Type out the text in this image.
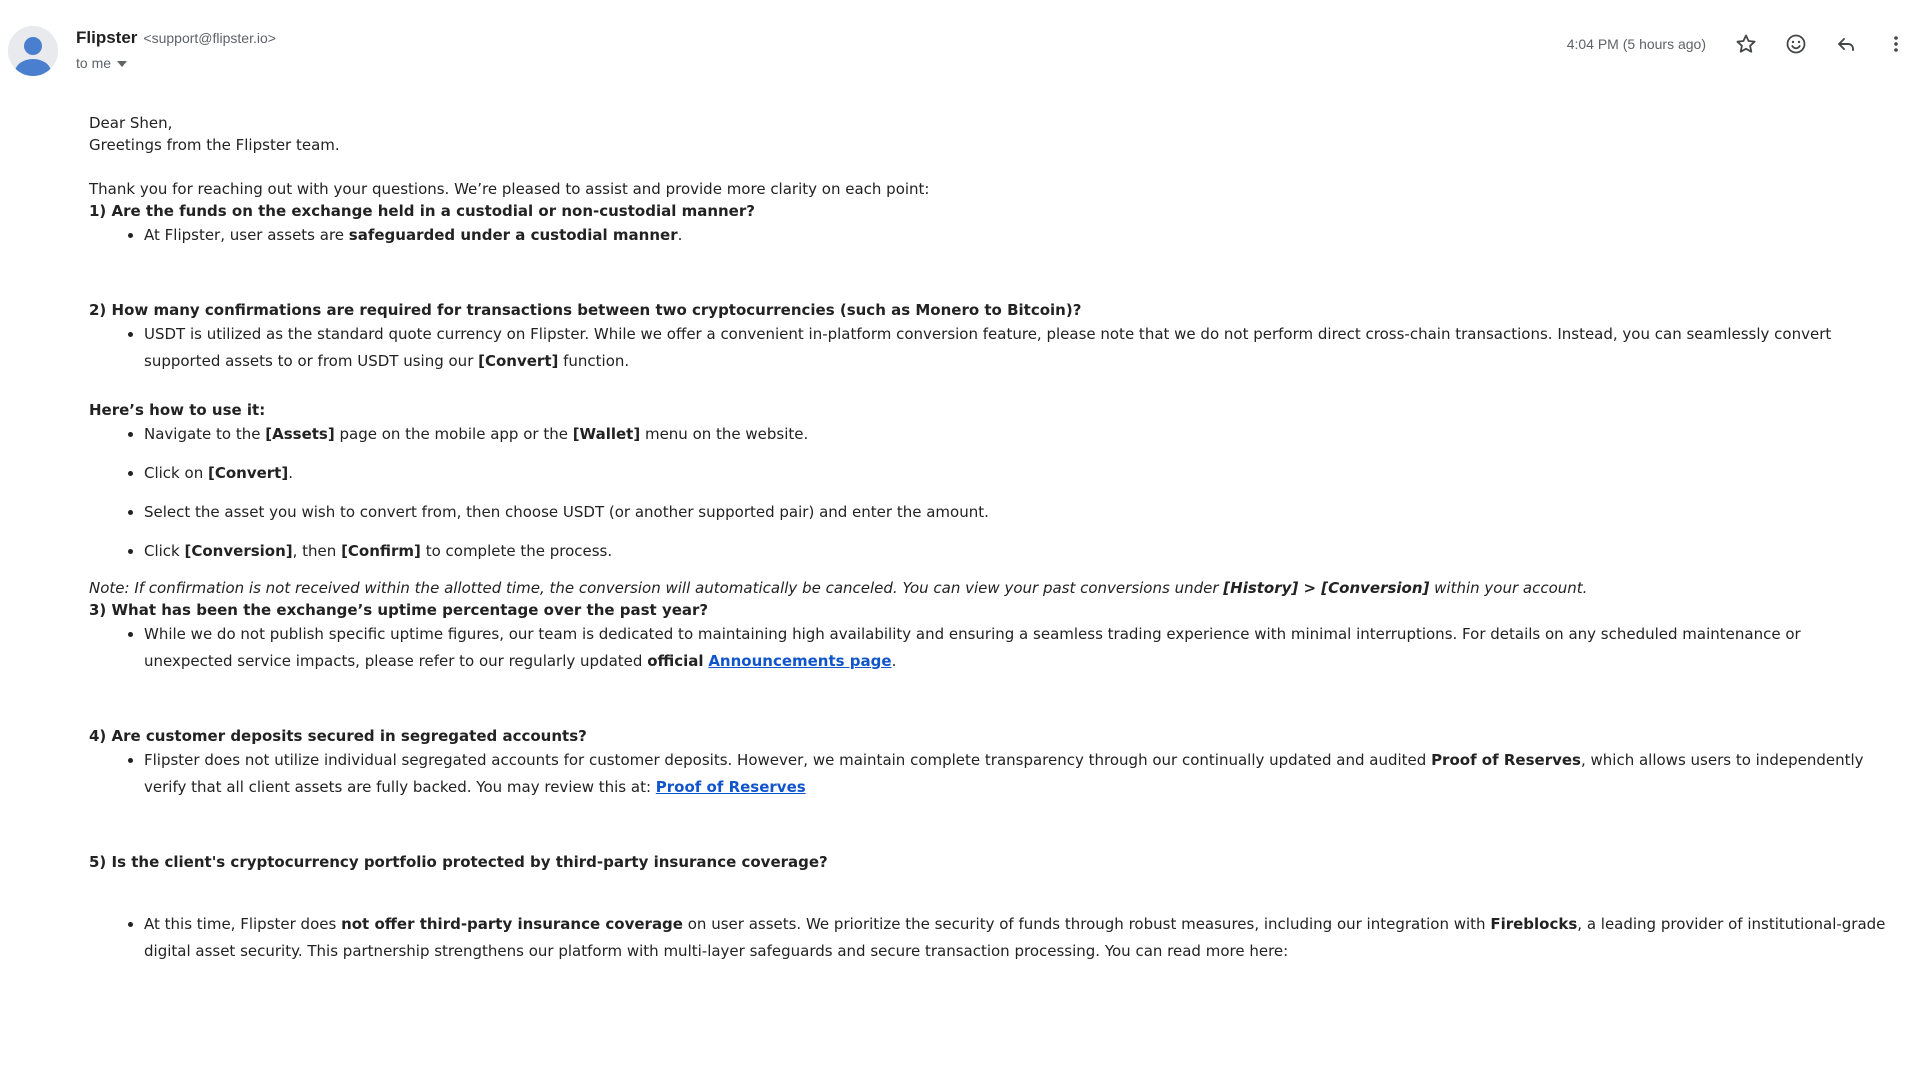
Flipster <support@flipster.io>
to me
4:04 PM (5 hours ago)

Dear Shen,

Greetings from the Flipster team.

Thank you for reaching out with your questions. We’re pleased to assist and provide more clarity on each point:

1) Are the funds on the exchange held in a custodial or non-custodial manner?

• At Flipster, user assets are safeguarded under a custodial manner.

2) How many confirmations are required for transactions between two cryptocurrencies (such as Monero to Bitcoin)?

• USDT is utilized as the standard quote currency on Flipster. While we offer a convenient in-platform conversion feature, please note that we do not perform direct cross-chain transactions. Instead, you can seamlessly convert supported assets to or from USDT using our [Convert] function.

Here’s how to use it:

• Navigate to the [Assets] page on the mobile app or the [Wallet] menu on the website.
• Click on [Convert].
• Select the asset you wish to convert from, then choose USDT (or another supported pair) and enter the amount.
• Click [Conversion], then [Confirm] to complete the process.

Note: If confirmation is not received within the allotted time, the conversion will automatically be canceled. You can view your past conversions under [History] > [Conversion] within your account.

3) What has been the exchange’s uptime percentage over the past year?

• While we do not publish specific uptime figures, our team is dedicated to maintaining high availability and ensuring a seamless trading experience with minimal interruptions. For details on any scheduled maintenance or unexpected service impacts, please refer to our regularly updated official Announcements page.

4) Are customer deposits secured in segregated accounts?

• Flipster does not utilize individual segregated accounts for customer deposits. However, we maintain complete transparency through our continually updated and audited Proof of Reserves, which allows users to independently verify that all client assets are fully backed. You may review this at: Proof of Reserves

5) Is the client's cryptocurrency portfolio protected by third-party insurance coverage?

• At this time, Flipster does not offer third-party insurance coverage on user assets. We prioritize the security of funds through robust measures, including our integration with Fireblocks, a leading provider of institutional-grade digital asset security. This partnership strengthens our platform with multi-layer safeguards and secure transaction processing. You can read more here:
